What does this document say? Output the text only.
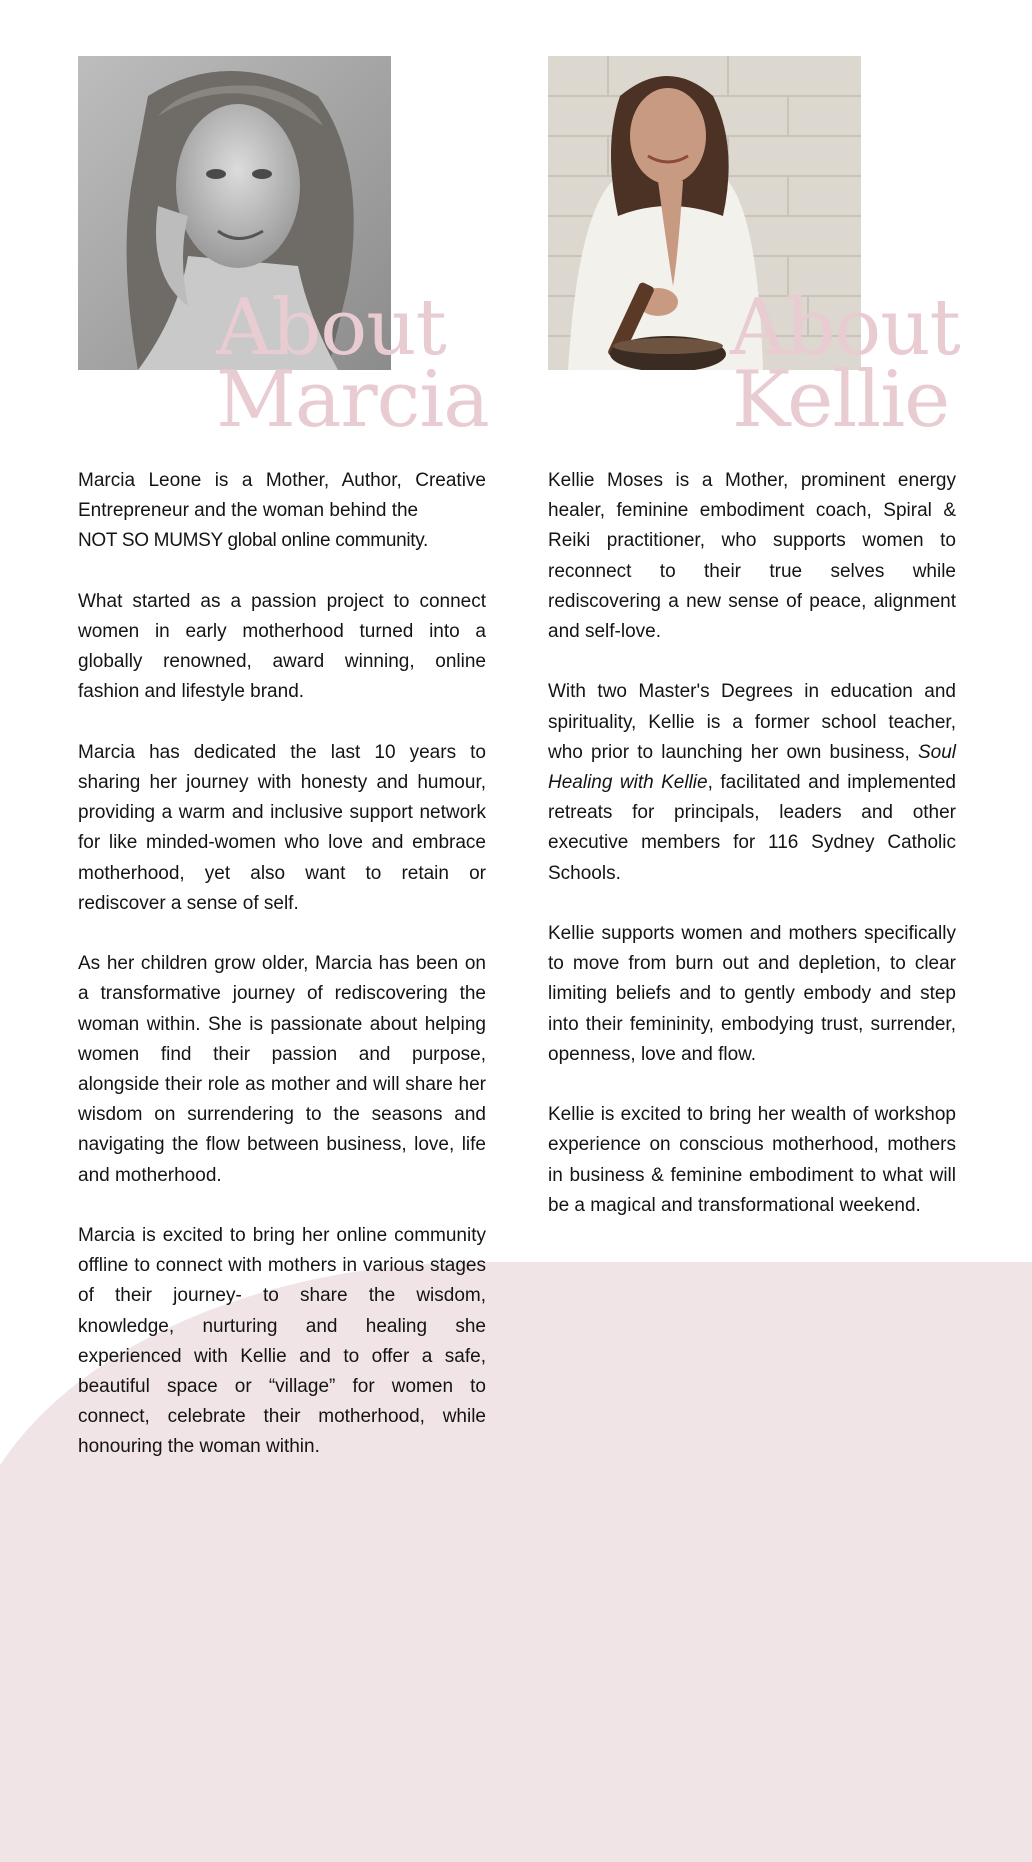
About
Marcia
About
Kellie

Marcia Leone is a Mother, Author, Creative Entrepreneur and the woman behind the
NOT SO MUMSY global online community.

What started as a passion project to connect women in early motherhood turned into a globally renowned, award winning, online fashion and lifestyle brand.

Marcia has dedicated the last 10 years to sharing her journey with honesty and humour, providing a warm and inclusive support network for like minded-women who love and embrace motherhood, yet also want to retain or rediscover a sense of self.

As her children grow older, Marcia has been on a transformative journey of rediscovering the woman within. She is passionate about helping women find their passion and purpose, alongside their role as mother and will share her wisdom on surrendering to the seasons and navigating the flow between business, love, life and motherhood.

Marcia is excited to bring her online community offline to connect with mothers in various stages of their journey- to share the wisdom, knowledge, nurturing and healing she experienced with Kellie and to offer a safe, beautiful space or “village” for women to connect, celebrate their motherhood, while honouring the woman within.

Kellie Moses is a Mother, prominent energy healer, feminine embodiment coach, Spiral & Reiki practitioner, who supports women to reconnect to their true selves while rediscovering a new sense of peace, alignment and self-love.

With two Master's Degrees in education and spirituality, Kellie is a former school teacher, who prior to launching her own business, Soul Healing with Kellie, facilitated and implemented retreats for principals, leaders and other executive members for 116 Sydney Catholic Schools.

Kellie supports women and mothers specifically to move from burn out and depletion, to clear limiting beliefs and to gently embody and step into their femininity, embodying trust, surrender, openness, love and flow.

Kellie is excited to bring her wealth of workshop experience on conscious motherhood, mothers in business & feminine embodiment to what will be a magical and transformational weekend.
